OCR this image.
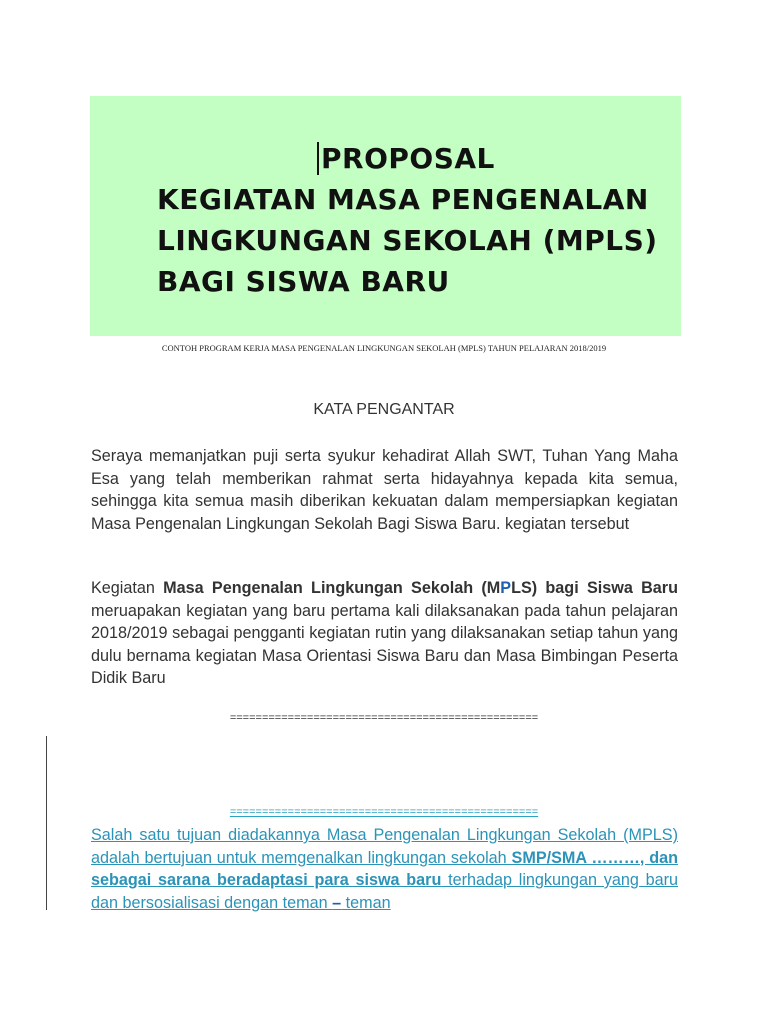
PROPOSAL
KEGIATAN MASA PENGENALAN
LINGKUNGAN SEKOLAH (MPLS)
BAGI SISWA BARU
CONTOH PROGRAM KERJA MASA PENGENALAN LINGKUNGAN SEKOLAH (MPLS) TAHUN PELAJARAN 2018/2019
KATA PENGANTAR
Seraya memanjatkan puji serta syukur kehadirat Allah SWT, Tuhan Yang Maha Esa yang telah memberikan rahmat serta hidayahnya kepada kita semua, sehingga kita semua masih diberikan kekuatan dalam mempersiapkan kegiatan Masa Pengenalan Lingkungan Sekolah Bagi Siswa Baru. kegiatan tersebut
Kegiatan Masa Pengenalan Lingkungan Sekolah (MPLS) bagi Siswa Baru meruapakan kegiatan yang baru pertama kali dilaksanakan pada tahun pelajaran 2018/2019 sebagai pengganti kegiatan rutin yang dilaksanakan setiap tahun yang dulu bernama kegiatan Masa Orientasi Siswa Baru dan Masa Bimbingan Peserta Didik Baru
================================================
================================================
Salah satu tujuan diadakannya Masa Pengenalan Lingkungan Sekolah (MPLS) adalah bertujuan untuk memgenalkan lingkungan sekolah SMP/SMA ………, dan sebagai sarana beradaptasi para siswa baru terhadap lingkungan yang baru dan bersosialisasi dengan teman – teman
